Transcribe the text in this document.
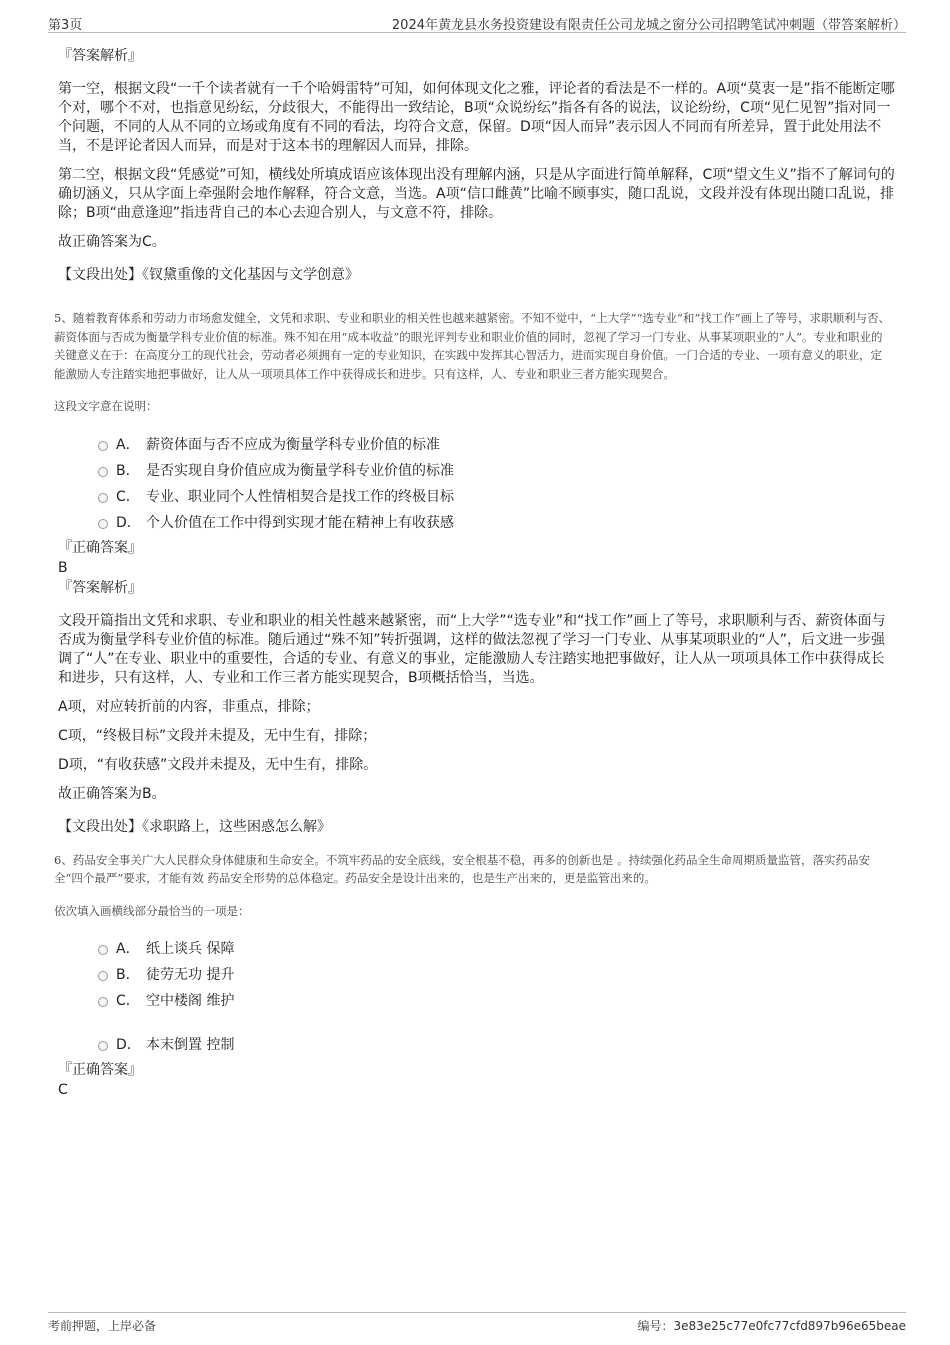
第3页	2024年黄龙县水务投资建设有限责任公司龙城之窗分公司招聘笔试冲刺题（带答案解析）
『答案解析』

第一空，根据文段“一千个读者就有一千个哈姆雷特”可知，如何体现文化之雅，评论者的看法是不一样的。A项“莫衷一是”指不能断定哪个对，哪个不对，也指意见纷纭，分歧很大，不能得出一致结论，B项“众说纷纭”指各有各的说法，议论纷纷，C项“见仁见智”指对同一个问题，不同的人从不同的立场或角度有不同的看法，均符合文意，保留。D项“因人而异”表示因人不同而有所差异，置于此处用法不当，不是评论者因人而异，而是对于这本书的理解因人而异，排除。

第二空，根据文段“凭感觉”可知，横线处所填成语应该体现出没有理解内涵，只是从字面进行简单解释，C项“望文生义”指不了解词句的确切涵义，只从字面上牵强附会地作解释，符合文意，当选。A项“信口雌黄”比喻不顾事实，随口乱说，文段并没有体现出随口乱说，排除；B项“曲意逢迎”指违背自己的本心去迎合别人，与文意不符，排除。

故正确答案为C。

【文段出处】《钗黛重像的文化基因与文学创意》

5、随着教育体系和劳动力市场愈发健全，文凭和求职、专业和职业的相关性也越来越紧密。不知不觉中，“上大学”“选专业”和“找工作”画上了等号，求职顺利与否、薪资体面与否成为衡量学科专业价值的标准。殊不知在用“成本收益”的眼光评判专业和职业价值的同时，忽视了学习一门专业、从事某项职业的“人”。专业和职业的关键意义在于：在高度分工的现代社会，劳动者必须拥有一定的专业知识，在实践中发挥其心智活力，进而实现自身价值。一门合适的专业、一项有意义的职业，定能激励人专注踏实地把事做好，让人从一项项具体工作中获得成长和进步。只有这样，人、专业和职业三者方能实现契合。

这段文字意在说明：

A． 薪资体面与否不应成为衡量学科专业价值的标准
B． 是否实现自身价值应成为衡量学科专业价值的标准
C． 专业、职业同个人性情相契合是找工作的终极目标
D． 个人价值在工作中得到实现才能在精神上有收获感
『正确答案』
B
『答案解析』

文段开篇指出文凭和求职、专业和职业的相关性越来越紧密，而“上大学”“选专业”和“找工作”画上了等号，求职顺利与否、薪资体面与否成为衡量学科专业价值的标准。随后通过“殊不知”转折强调，这样的做法忽视了学习一门专业、从事某项职业的“人”，后文进一步强调了“人”在专业、职业中的重要性，合适的专业、有意义的事业，定能激励人专注踏实地把事做好，让人从一项项具体工作中获得成长和进步，只有这样，人、专业和工作三者方能实现契合，B项概括恰当，当选。

A项，对应转折前的内容，非重点，排除；

C项，“终极目标”文段并未提及，无中生有，排除；

D项，“有收获感”文段并未提及，无中生有，排除。

故正确答案为B。

【文段出处】《求职路上，这些困惑怎么解》

6、药品安全事关广大人民群众身体健康和生命安全。不筑牢药品的安全底线，安全根基不稳，再多的创新也是 。持续强化药品全生命周期质量监管，落实药品安全“四个最严”要求，才能有效 药品安全形势的总体稳定。药品安全是设计出来的，也是生产出来的，更是监管出来的。

依次填入画横线部分最恰当的一项是：

A． 纸上谈兵 保障
B． 徒劳无功 提升
C． 空中楼阁 维护
D． 本末倒置 控制
『正确答案』
C
考前押题，上岸必备	编号：3e83e25c77e0fc77cfd897b96e65beae
